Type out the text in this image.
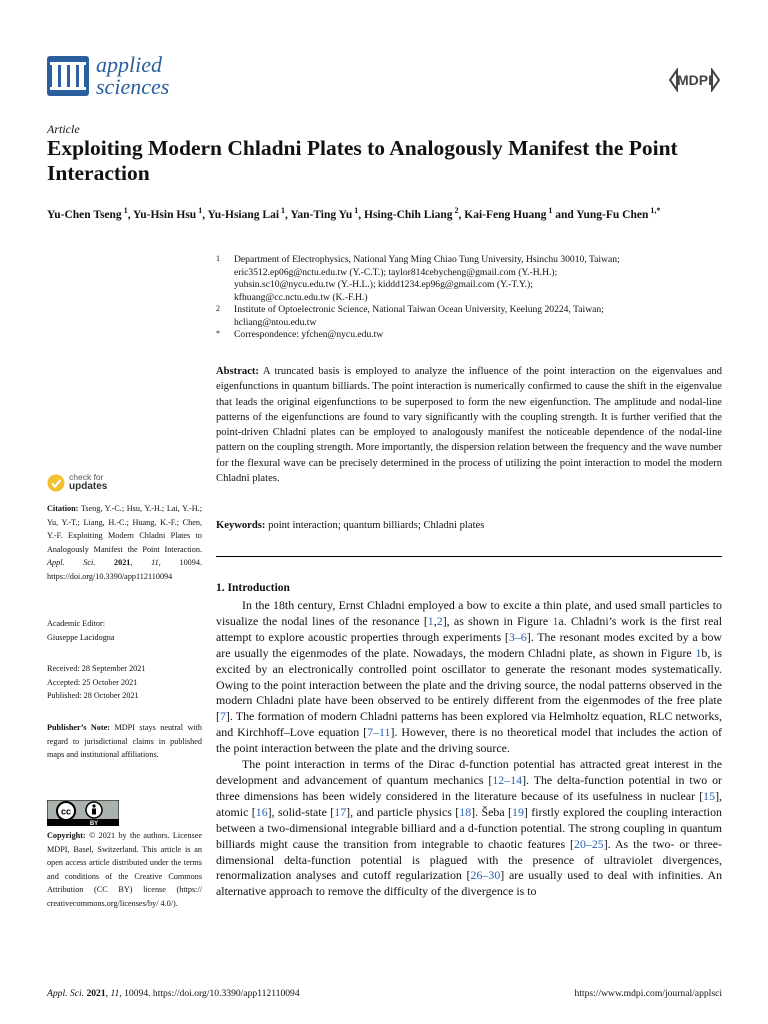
applied
sciences	MDPI
Article
Exploiting Modern Chladni Plates to Analogously Manifest the Point Interaction
Yu-Chen Tseng $^1$, Yu-Hsin Hsu $^1$, Yu-Hsiang Lai $^1$, Yan-Ting Yu $^1$, Hsing-Chih Liang $^2$, Kai-Feng Huang $^1$ and Yung-Fu Chen $^{1,*}$
1 Department of Electrophysics, National Yang Ming Chiao Tung University, Hsinchu 30010, Taiwan;
eric3512.ep06g@nctu.edu.tw (Y.-C.T.); taylor814cebycheng@gmail.com (Y.-H.H.);
yuhsin.sc10@nycu.edu.tw (Y.-H.L.); kiddd1234.ep96g@gmail.com (Y.-T.Y.);
kfhuang@cc.nctu.edu.tw (K.-F.H.)
2 Institute of Optoelectronic Science, National Taiwan Ocean University, Keelung 20224, Taiwan;
hcliang@ntou.edu.tw
* Correspondence: yfchen@nycu.edu.tw
Abstract: A truncated basis is employed to analyze the influence of the point interaction on the eigenvalues and eigenfunctions in quantum billiards. The point interaction is numerically confirmed to cause the shift in the eigenvalue that leads the original eigenfunctions to be superposed to form the new eigenfunction. The amplitude and nodal-line patterns of the eigenfunctions are found to vary significantly with the coupling strength. It is further verified that the point-driven Chladni plates can be employed to analogously manifest the noticeable dependence of the nodal-line pattern on the coupling strength. More importantly, the dispersion relation between the frequency and the wave number for the flexural wave can be precisely determined in the process of utilizing the point interaction to model the modern Chladni plates.
Keywords: point interaction; quantum billiards; Chladni plates
1. Introduction

In the 18th century, Ernst Chladni employed a bow to excite a thin plate, and used small particles to visualize the nodal lines of the resonance [1,2], as shown in Figure 1a. Chladni’s work is the first real attempt to explore acoustic properties through experiments [3–6]. The resonant modes excited by a bow are usually the eigenmodes of the plate. Nowadays, the modern Chladni plate, as shown in Figure 1b, is excited by an electronically controlled point oscillator to generate the resonant modes systematically. Owing to the point interaction between the plate and the driving source, the nodal patterns observed in the modern Chladni plate have been observed to be entirely different from the eigenmodes of the free plate [7]. The formation of modern Chladni patterns has been explored via Helmholtz equation, RLC networks, and Kirchhoff–Love equation [7–11]. However, there is no theoretical model that includes the action of the point interaction between the plate and the driving source.

The point interaction in terms of the Dirac d-function potential has attracted great interest in the development and advancement of quantum mechanics [12–14]. The delta-function potential in two or three dimensions has been widely considered in the literature because of its usefulness in nuclear [15], atomic [16], solid-state [17], and particle physics [18]. Šeba [19] firstly explored the coupling interaction between a two-dimensional integrable billiard and a d-function potential. The strong coupling in quantum billiards might cause the transition from integrable to chaotic features [20–25]. As the two- or three-dimensional delta-function potential is plagued with the presence of ultraviolet divergences, renormalization analyses and cutoff regularization [26–30] are usually used to deal with infinities. An alternative approach to remove the difficulty of the divergence is to

check for
updates
Citation: Tseng, Y.-C.; Hsu, Y.-H.; Lai, Y.-H.; Yu, Y.-T.; Liang, H.-C.; Huang, K.-F.; Chen, Y.-F. Exploiting Modern Chladni Plates to Analogously Manifest the Point Interaction. Appl. Sci. 2021, 11, 10094. https://doi.org/10.3390/app112110094
Academic Editor:
Giuseppe Lacidogna
Received: 28 September 2021
Accepted: 25 October 2021
Published: 28 October 2021
Publisher’s Note: MDPI stays neutral with regard to jurisdictional claims in published maps and institutional affiliations.
cc
BY
Copyright: © 2021 by the authors. Licensee MDPI, Basel, Switzerland. This article is an open access article distributed under the terms and conditions of the Creative Commons Attribution (CC BY) license (https:// creativecommons.org/licenses/by/ 4.0/).
Appl. Sci. 2021, 11, 10094. https://doi.org/10.3390/app112110094	https://www.mdpi.com/journal/applsci
